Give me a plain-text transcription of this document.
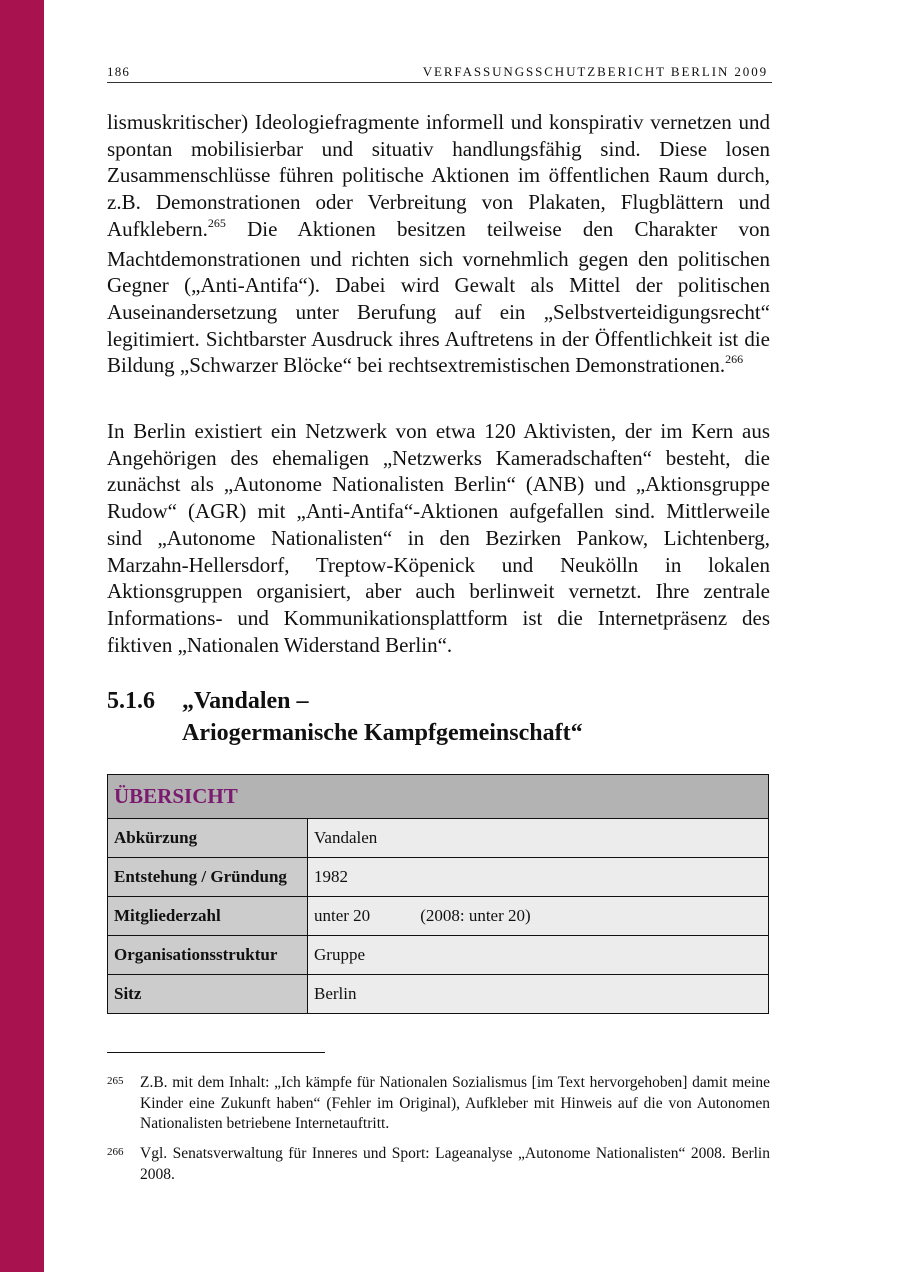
186	VERFASSUNGSSCHUTZBERICHT BERLIN 2009

lismuskritischer) Ideologiefragmente informell und konspirativ vernetzen und spontan mobilisierbar und situativ handlungsfähig sind. Diese losen Zusammenschlüsse führen politische Aktionen im öffentlichen Raum durch, z.B. Demonstrationen oder Verbreitung von Plakaten, Flugblättern und Aufklebern.$^{265}$ Die Aktionen besitzen teilweise den Charakter von Machtdemonstrationen und richten sich vornehmlich gegen den politischen Gegner („Anti-Antifa“). Dabei wird Gewalt als Mittel der politischen Auseinandersetzung unter Berufung auf ein „Selbstverteidigungsrecht“ legitimiert. Sichtbarster Ausdruck ihres Auftretens in der Öffentlichkeit ist die Bildung „Schwarzer Blöcke“ bei rechtsextremistischen Demonstrationen.$^{266}$

In Berlin existiert ein Netzwerk von etwa 120 Aktivisten, der im Kern aus Angehörigen des ehemaligen „Netzwerks Kameradschaften“ besteht, die zunächst als „Autonome Nationalisten Berlin“ (ANB) und „Aktionsgruppe Rudow“ (AGR) mit „Anti-Antifa“-Aktionen aufgefallen sind. Mittlerweile sind „Autonome Nationalisten“ in den Bezirken Pankow, Lichtenberg, Marzahn-Hellersdorf, Treptow-Köpenick und Neukölln in lokalen Aktionsgruppen organisiert, aber auch berlinweit vernetzt. Ihre zentrale Informations- und Kommunikationsplattform ist die Internetpräsenz des fiktiven „Nationalen Widerstand Berlin“.

5.1.6 „Vandalen –
Ariogermanische Kampfgemeinschaft“
ÜBERSICHT	
Abkürzung	Vandalen
Entstehung / Gründung	1982
Mitgliederzahl	unter 20 (2008: unter 20)
Organisationsstruktur	Gruppe
Sitz	Berlin
265 Z.B. mit dem Inhalt: „Ich kämpfe für Nationalen Sozialismus [im Text hervorgehoben] damit meine Kinder eine Zukunft haben“ (Fehler im Original), Aufkleber mit Hinweis auf die von Autonomen Nationalisten betriebene Internetauftritt.
266 Vgl. Senatsverwaltung für Inneres und Sport: Lageanalyse „Autonome Nationalisten“ 2008. Berlin 2008.
